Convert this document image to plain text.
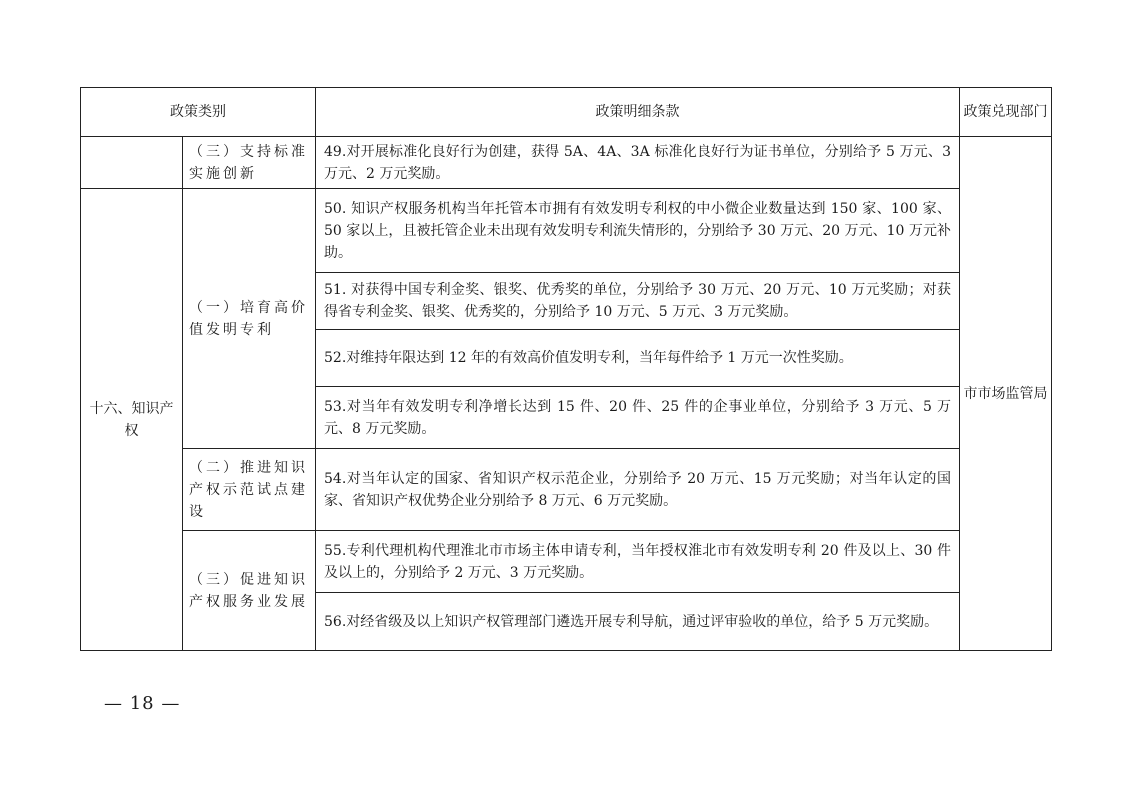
政策类别		政策明细条款	政策兑现部门
	（三）支持标准实施创新	49.对开展标准化良好行为创建，获得 5A、4A、3A 标准化良好行为证书单位，分别给予 5 万元、3 万元、2 万元奖励。	市市场监管局
十六、知识产权	（一）培育高价值发明专利	50. 知识产权服务机构当年托管本市拥有有效发明专利权的中小微企业数量达到 150 家、100 家、50 家以上，且被托管企业未出现有效发明专利流失情形的，分别给予 30 万元、20 万元、10 万元补助。	
		51. 对获得中国专利金奖、银奖、优秀奖的单位，分别给予 30 万元、20 万元、10 万元奖励；对获得省专利金奖、银奖、优秀奖的，分别给予 10 万元、5 万元、3 万元奖励。	
		52.对维持年限达到 12 年的有效高价值发明专利，当年每件给予 1 万元一次性奖励。	
		53.对当年有效发明专利净增长达到 15 件、20 件、25 件的企事业单位，分别给予 3 万元、5 万元、8 万元奖励。	
	（二）推进知识产权示范试点建设	54.对当年认定的国家、省知识产权示范企业，分别给予 20 万元、15 万元奖励；对当年认定的国家、省知识产权优势企业分别给予 8 万元、6 万元奖励。	
	（三）促进知识产权服务业发展	55.专利代理机构代理淮北市市场主体申请专利，当年授权淮北市有效发明专利 20 件及以上、30 件及以上的，分别给予 2 万元、3 万元奖励。	
		56.对经省级及以上知识产权管理部门遴选开展专利导航，通过评审验收的单位，给予 5 万元奖励。	
— 18 —
